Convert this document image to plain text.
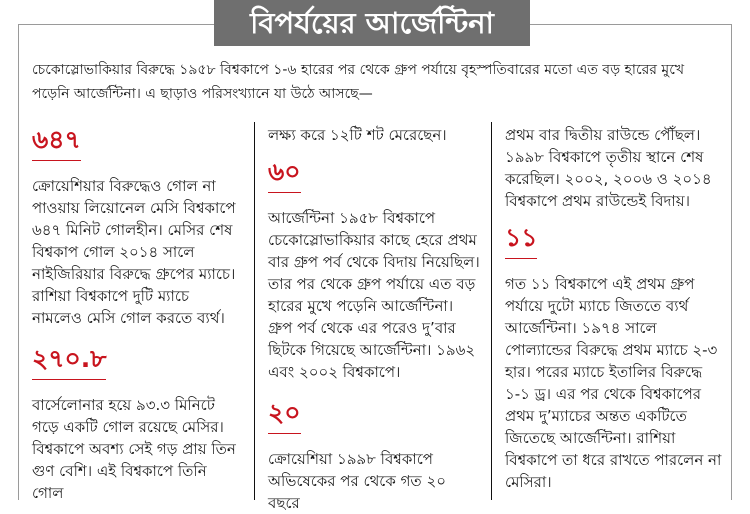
বিপর্যয়ের আর্জেন্টিনা
চেকোস্লোভাকিয়ার বিরুদ্ধে ১৯৫৮ বিশ্বকাপে ১-৬ হারের পর থেকে গ্রুপ পর্যায়ে বৃহস্পতিবারের মতো এত বড় হারের মুখে পড়েনি আর্জেন্টিনা। এ ছাড়াও পরিসংখ্যানে যা উঠে আসছে—
৬৪৭

ক্রোয়েশিয়ার বিরুদ্ধেও গোল না পাওয়ায় লিয়োনেল মেসি বিশ্বকাপে ৬৪৭ মিনিট গোলহীন। মেসির শেষ বিশ্বকাপ গোল ২০১৪ সালে নাইজিরিয়ার বিরুদ্ধে গ্রুপের ম্যাচে। রাশিয়া বিশ্বকাপে দুটি ম্যাচে নামলেও মেসি গোল করতে ব্যর্থ।

২৭০.৮

বার্সেলোনার হয়ে ৯৩.৩ মিনিটে গড়ে একটি গোল রয়েছে মেসির। বিশ্বকাপে অবশ্য সেই গড় প্রায় তিন গুণ বেশি। এই বিশ্বকাপে তিনি গোল

লক্ষ্য করে ১২টি শট মেরেছেন।

৬০

আর্জেন্টিনা ১৯৫৮ বিশ্বকাপে চেকোস্লোভাকিয়ার কাছে হেরে প্রথম বার গ্রুপ পর্ব থেকে বিদায় নিয়েছিল। তার পর থেকে গ্রুপ পর্যায়ে এত বড় হারের মুখে পড়েনি আর্জেন্টিনা। গ্রুপ পর্ব থেকে এর পরেও দু’বার ছিটকে গিয়েছে আর্জেন্টিনা। ১৯৬২ এবং ২০০২ বিশ্বকাপে।

২০

ক্রোয়েশিয়া ১৯৯৮ বিশ্বকাপে অভিষেকের পর থেকে গত ২০ বছরে

প্রথম বার দ্বিতীয় রাউন্ডে পৌঁছল। ১৯৯৮ বিশ্বকাপে তৃতীয় স্থানে শেষ করেছিল। ২০০২, ২০০৬ ও ২০১৪ বিশ্বকাপে প্রথম রাউন্ডেই বিদায়।

১১

গত ১১ বিশ্বকাপে এই প্রথম গ্রুপ পর্যায়ে দুটো ম্যাচে জিততে ব্যর্থ আর্জেন্টিনা। ১৯৭৪ সালে পোল্যান্ডের বিরুদ্ধে প্রথম ম্যাচে ২-৩ হার। পরের ম্যাচে ইতালির বিরুদ্ধে ১-১ ড্র। এর পর থেকে বিশ্বকাপের প্রথম দু’ম্যাচের অন্তত একটিতে জিতেছে আর্জেন্টিনা। রাশিয়া বিশ্বকাপে তা ধরে রাখতে পারলেন না মেসিরা।
